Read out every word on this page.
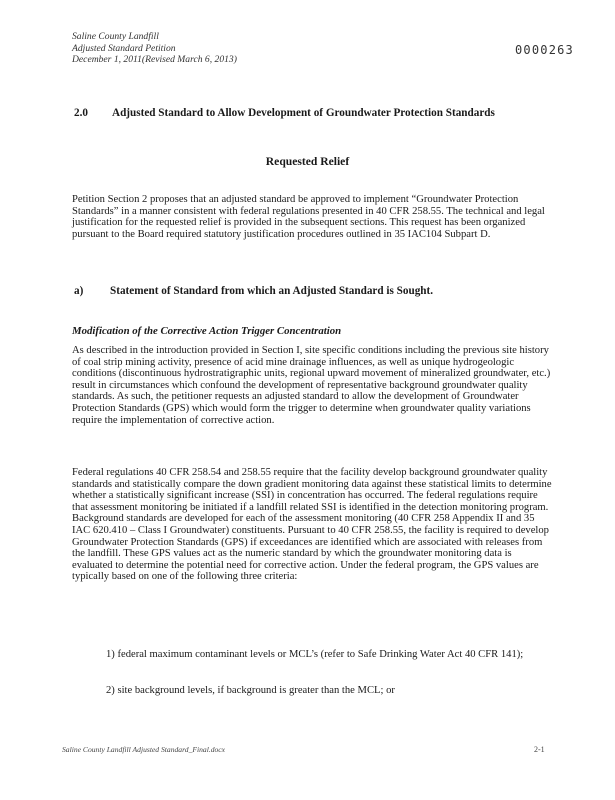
Saline County Landfill
Adjusted Standard Petition
December 1, 2011(Revised March 6, 2013)
0000263
2.0 Adjusted Standard to Allow Development of Groundwater Protection Standards
Requested Relief
Petition Section 2 proposes that an adjusted standard be approved to implement “Groundwater Protection Standards” in a manner consistent with federal regulations presented in 40 CFR 258.55. The technical and legal justification for the requested relief is provided in the subsequent sections. This request has been organized pursuant to the Board required statutory justification procedures outlined in 35 IAC104 Subpart D.
a) Statement of Standard from which an Adjusted Standard is Sought.
Modification of the Corrective Action Trigger Concentration
As described in the introduction provided in Section I, site specific conditions including the previous site history of coal strip mining activity, presence of acid mine drainage influences, as well as unique hydrogeologic conditions (discontinuous hydrostratigraphic units, regional upward movement of mineralized groundwater, etc.) result in circumstances which confound the development of representative background groundwater quality standards. As such, the petitioner requests an adjusted standard to allow the development of Groundwater Protection Standards (GPS) which would form the trigger to determine when groundwater quality variations require the implementation of corrective action.
Federal regulations 40 CFR 258.54 and 258.55 require that the facility develop background groundwater quality standards and statistically compare the down gradient monitoring data against these statistical limits to determine whether a statistically significant increase (SSI) in concentration has occurred. The federal regulations require that assessment monitoring be initiated if a landfill related SSI is identified in the detection monitoring program. Background standards are developed for each of the assessment monitoring (40 CFR 258 Appendix II and 35 IAC 620.410 – Class I Groundwater) constituents. Pursuant to 40 CFR 258.55, the facility is required to develop Groundwater Protection Standards (GPS) if exceedances are identified which are associated with releases from the landfill. These GPS values act as the numeric standard by which the groundwater monitoring data is evaluated to determine the potential need for corrective action. Under the federal program, the GPS values are typically based on one of the following three criteria:
1) federal maximum contaminant levels or MCL’s (refer to Safe Drinking Water Act 40 CFR 141);
2) site background levels, if background is greater than the MCL; or
Saline County Landfill Adjusted Standard_Final.docx	2-1
